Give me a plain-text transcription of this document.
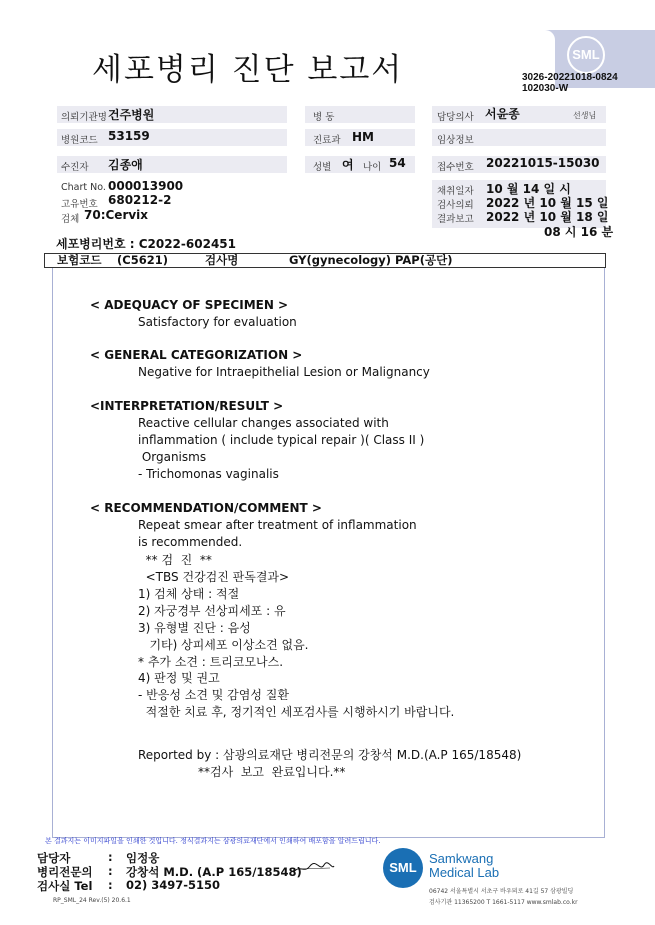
세포병리 진단 보고서	SML
3026-20221018-0824
102030-W
의뢰기관명 건주병원	병 동	담당의사 서윤종	선생님
병원코드 53159	진료과 HM	임상정보
수진자 김종애	성별 여 나이 54	접수번호 20221015-15030
Chart No. 000013900
고유번호 680212-2
검체 70:Cervix
채취일자 10 월 14 일 시
검사의뢰 2022 년 10 월 15 일
결과보고 2022 년 10 월 18 일
08 시 16 분
세포병리번호 : C2022-602451
보험코드 (C5621)	검사명	GY(gynecology) PAP(공단)
< ADEQUACY OF SPECIMEN >
Satisfactory for evaluation
< GENERAL CATEGORIZATION >
Negative for Intraepithelial Lesion or Malignancy
<INTERPRETATION/RESULT >
Reactive cellular changes associated with
inflammation ( include typical repair )( Class II )
Organisms
- Trichomonas vaginalis
< RECOMMENDATION/COMMENT >
Repeat smear after treatment of inflammation
is recommended.
** 검  진  **
<TBS 건강검진 판독결과>
1) 검체 상태 : 적절
2) 자궁경부 선상피세포 : 유
3) 유형별 진단 : 음성
기타) 상피세포 이상소견 없음.
* 추가 소견 : 트리코모나스.
4) 판정 및 권고
- 반응성 소견 및 감염성 질환
적절한 치료 후, 정기적인 세포검사를 시행하시기 바랍니다.
Reported by : 삼광의료재단 병리전문의 강창석 M.D.(A.P 165/18548)
**검사  보고  완료입니다.**
본 결과지는 이미지파일을 인쇄한 것입니다. 정식결과지는 삼광의료재단에서 인쇄하여 배포함을 알려드립니다.
담당자	: 임정웅
병리전문의 : 강창석 M.D. (A.P 165/18548)
검사실 Tel : 02) 3497-5150
RP_SML_24 Rev.(5) 20.6.1
SML
Samkwang
Medical Lab
06742 서울특별시 서초구 바우뫼로 41길 57 삼광빌딩
검사기관 11365200 T 1661-5117 www.smlab.co.kr
